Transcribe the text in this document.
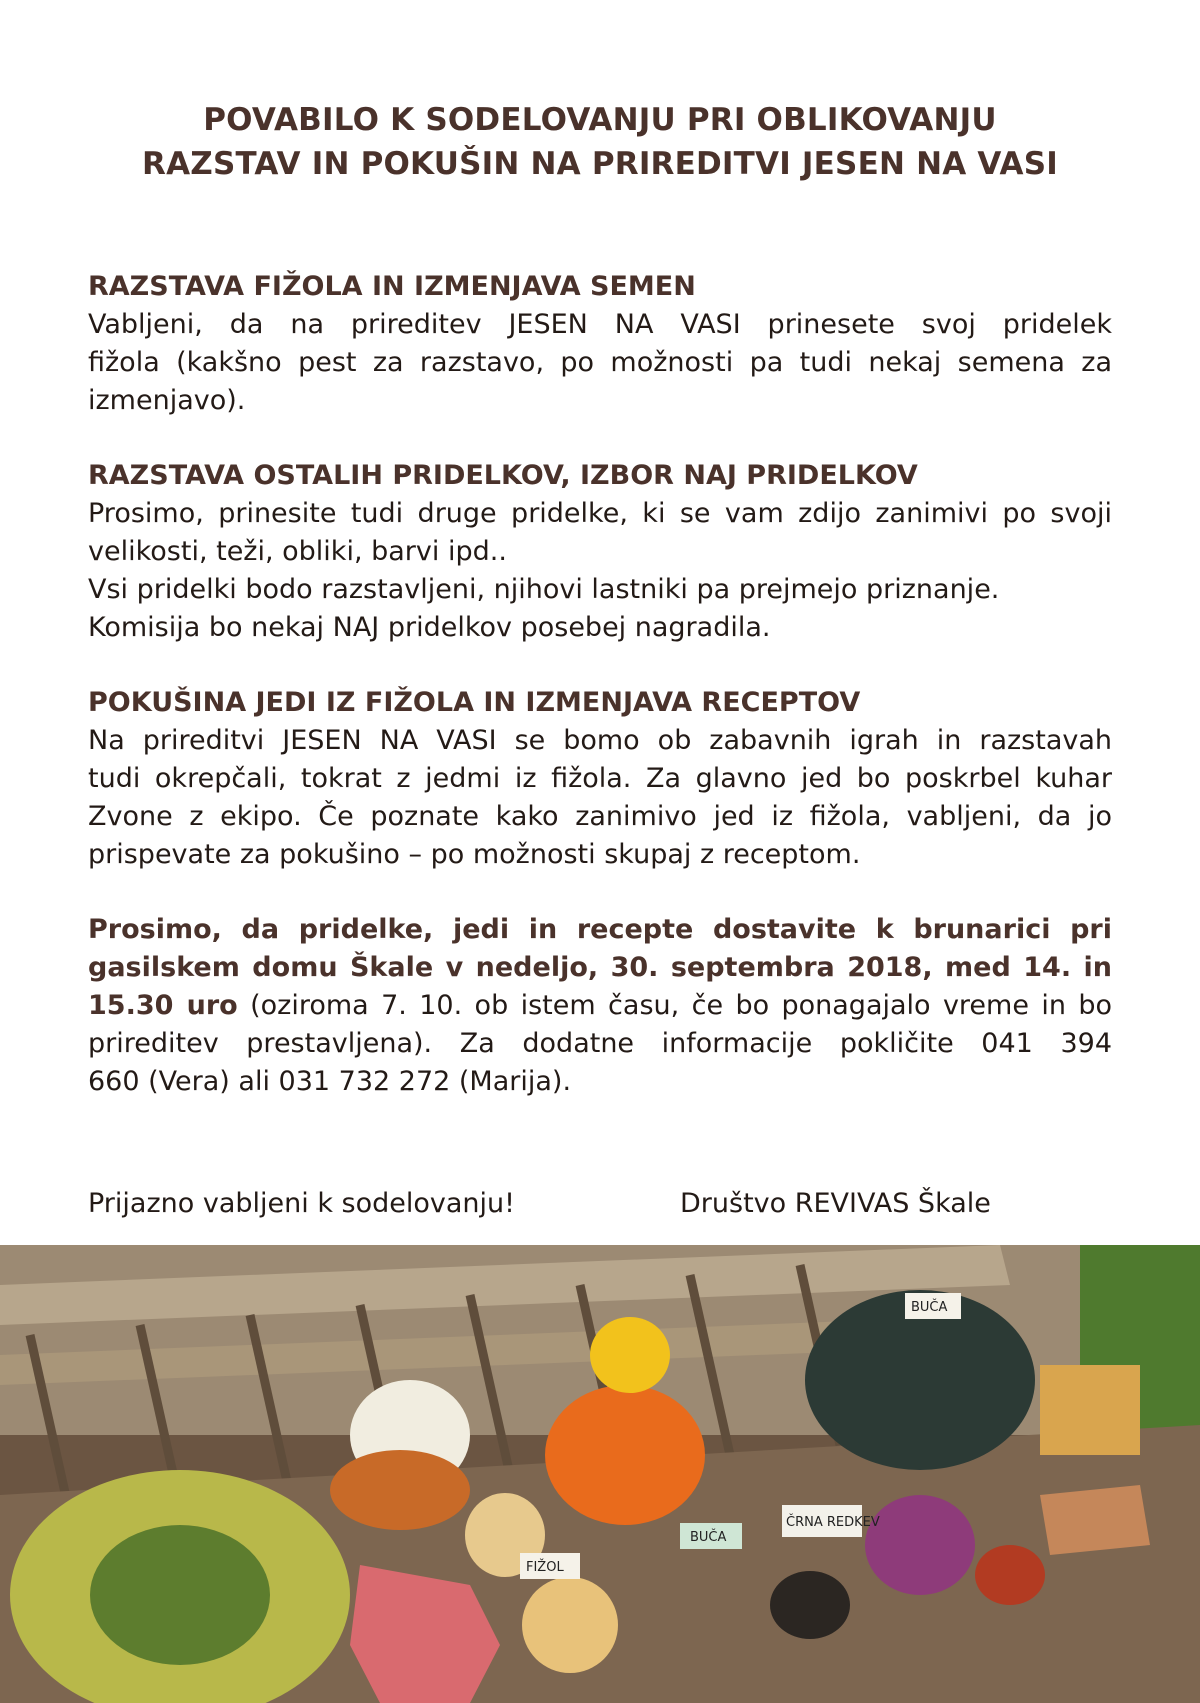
POVABILO K SODELOVANJU PRI OBLIKOVANJU
RAZSTAV IN POKUŠIN NA PRIREDITVI JESEN NA VASI
RAZSTAVA FIŽOLA IN IZMENJAVA SEMEN
Vabljeni, da na prireditev JESEN NA VASI prinesete svoj pridelek
fižola (kakšno pest za razstavo, po možnosti pa tudi nekaj semena za
izmenjavo).
RAZSTAVA OSTALIH PRIDELKOV, IZBOR NAJ PRIDELKOV
Prosimo, prinesite tudi druge pridelke, ki se vam zdijo zanimivi po svoji
velikosti, teži, obliki, barvi ipd..
Vsi pridelki bodo razstavljeni, njihovi lastniki pa prejmejo priznanje.
Komisija bo nekaj NAJ pridelkov posebej nagradila.
POKUŠINA JEDI IZ FIŽOLA IN IZMENJAVA RECEPTOV
Na prireditvi JESEN NA VASI se bomo ob zabavnih igrah in razstavah
tudi okrepčali, tokrat z jedmi iz fižola. Za glavno jed bo poskrbel kuhar
Zvone z ekipo. Če poznate kako zanimivo jed iz fižola, vabljeni, da jo
prispevate za pokušino – po možnosti skupaj z receptom.
Prosimo, da pridelke, jedi in recepte dostavite k brunarici pri
gasilskem domu Škale v nedeljo, 30. septembra 2018, med 14. in
15.30 uro (oziroma 7. 10. ob istem času, če bo ponagajalo vreme in bo
prireditev prestavljena). Za dodatne informacije pokličite 041 394
660 (Vera) ali 031 732 272 (Marija).
Prijazno vabljeni k sodelovanju!	Društvo REVIVAS Škale
BUČA
ČRNA REDKEV
FIŽOL
BUČA
